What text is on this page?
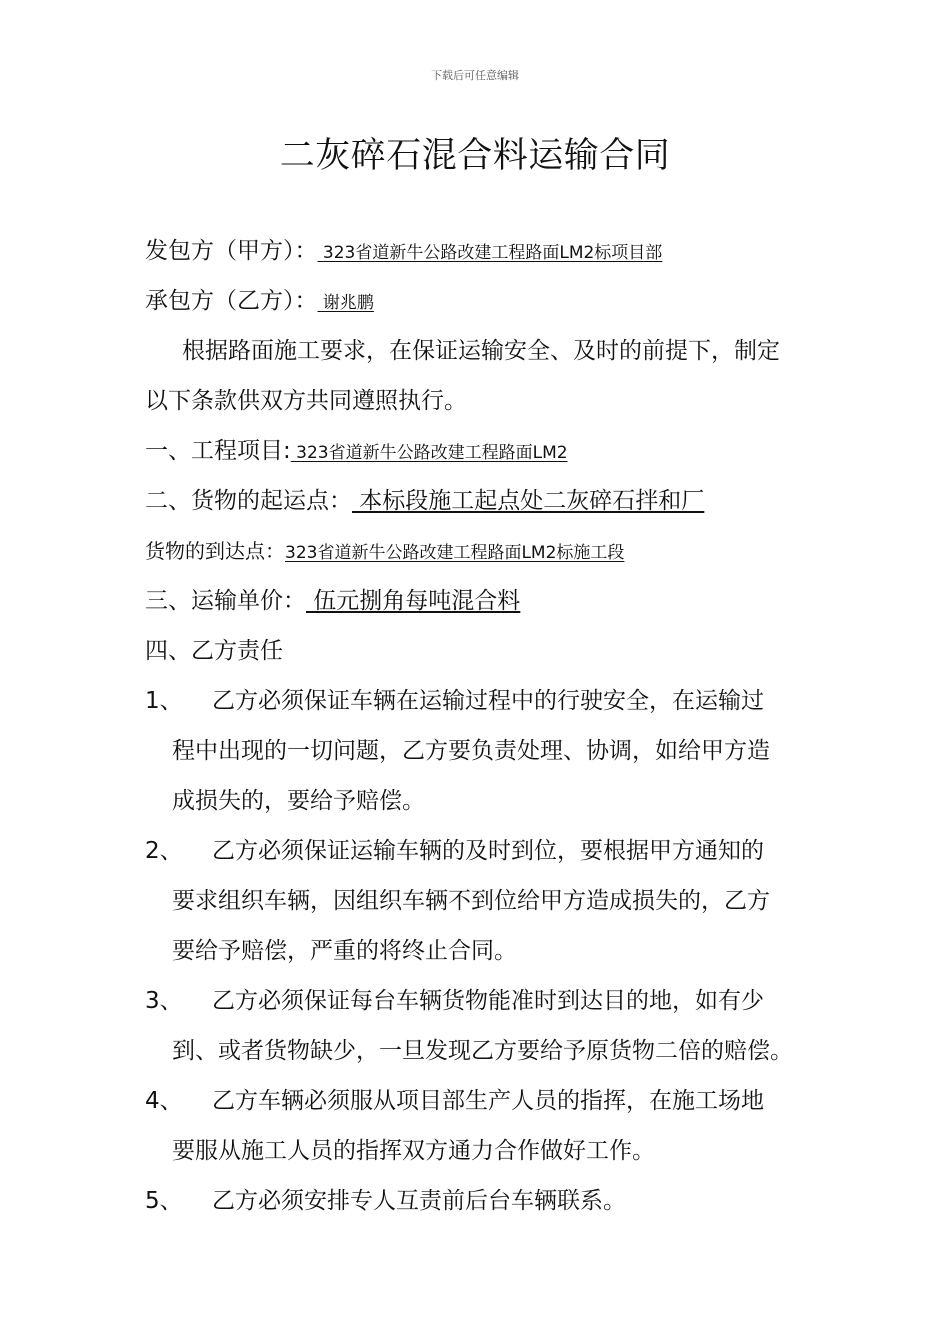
下载后可任意编辑
二灰碎石混合料运输合同
发包方（甲方）： 323省道新牛公路改建工程路面LM2标项目部
承包方（乙方）： 谢兆鹏
根据路面施工要求，在保证运输安全、及时的前提下，制定
以下条款供双方共同遵照执行。
一、工程项目: 323省道新牛公路改建工程路面LM2
二、货物的起运点： 本标段施工起点处二灰碎石拌和厂
货物的到达点：323省道新牛公路改建工程路面LM2标施工段
三、运输单价： 伍元捌角每吨混合料
四、乙方责任
1、 乙方必须保证车辆在运输过程中的行驶安全，在运输过
程中出现的一切问题，乙方要负责处理、协调，如给甲方造
成损失的，要给予赔偿。
2、 乙方必须保证运输车辆的及时到位，要根据甲方通知的
要求组织车辆，因组织车辆不到位给甲方造成损失的，乙方
要给予赔偿，严重的将终止合同。
3、 乙方必须保证每台车辆货物能准时到达目的地，如有少
到、或者货物缺少，一旦发现乙方要给予原货物二倍的赔偿。
4、 乙方车辆必须服从项目部生产人员的指挥，在施工场地
要服从施工人员的指挥双方通力合作做好工作。
5、 乙方必须安排专人互责前后台车辆联系。
